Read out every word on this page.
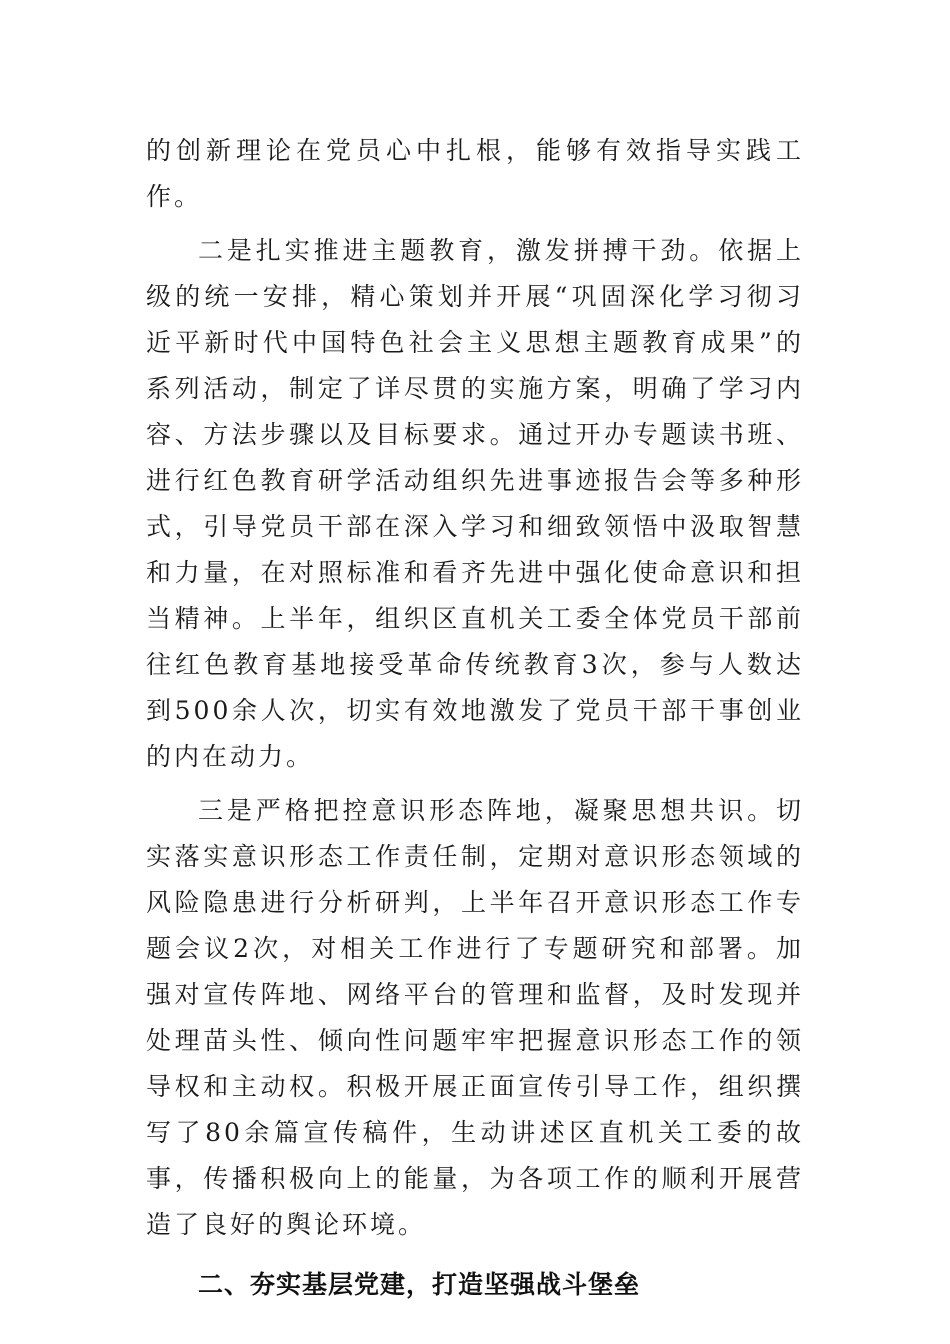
的创新理论在党员心中扎根，能够有效指导实践工作。

二是扎实推进主题教育，激发拼搏干劲。依据上级的统一安排，精心策划并开展“巩固深化学习彻习近平新时代中国特色社会主义思想主题教育成果”的系列活动，制定了详尽贯的实施方案，明确了学习内容、方法步骤以及目标要求。通过开办专题读书班、进行红色教育研学活动组织先进事迹报告会等多种形式，引导党员干部在深入学习和细致领悟中汲取智慧和力量，在对照标准和看齐先进中强化使命意识和担当精神。上半年，组织区直机关工委全体党员干部前往红色教育基地接受革命传统教育3次，参与人数达到500余人次，切实有效地激发了党员干部干事创业的内在动力。

三是严格把控意识形态阵地，凝聚思想共识。切实落实意识形态工作责任制，定期对意识形态领域的风险隐患进行分析研判，上半年召开意识形态工作专题会议2次，对相关工作进行了专题研究和部署。加强对宣传阵地、网络平台的管理和监督，及时发现并处理苗头性、倾向性问题牢牢把握意识形态工作的领导权和主动权。积极开展正面宣传引导工作，组织撰写了80余篇宣传稿件，生动讲述区直机关工委的故事，传播积极向上的能量，为各项工作的顺利开展营造了良好的舆论环境。

二、夯实基层党建，打造坚强战斗堡垒
